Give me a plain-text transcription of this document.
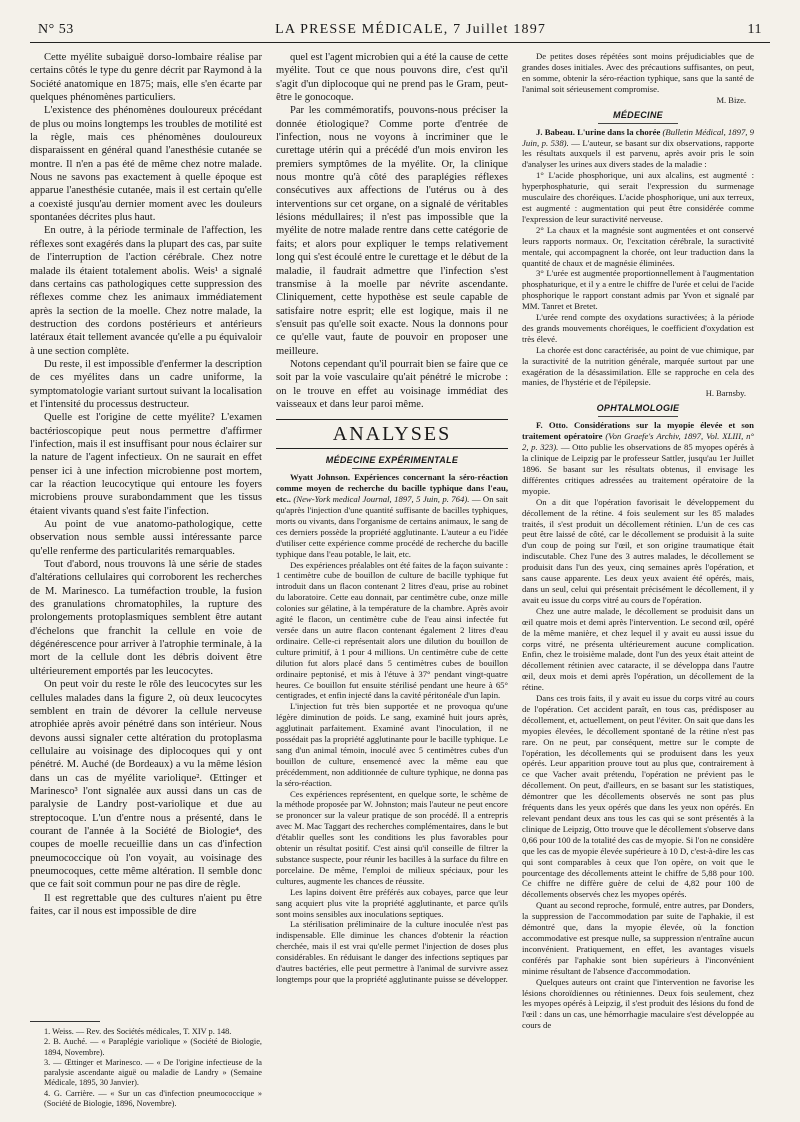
N° 53	LA PRESSE MÉDICALE, 7 Juillet 1897	11

Cette myélite subaiguë dorso-lombaire réalise par certains côtés le type du genre décrit par Raymond à la Société anatomique en 1875; mais, elle s'en écarte par quelques phénomènes particuliers.

L'existence des phénomènes douloureux précédant de plus ou moins longtemps les troubles de motilité est la règle, mais ces phénomènes douloureux disparaissent en général quand l'anesthésie cutanée se montre. Il n'en a pas été de même chez notre malade. Nous ne savons pas exactement à quelle époque est apparue l'anesthésie cutanée, mais il est certain qu'elle a coexisté jusqu'au dernier moment avec les douleurs spontanées décrites plus haut.

En outre, à la période terminale de l'affection, les réflexes sont exagérés dans la plupart des cas, par suite de l'interruption de l'action cérébrale. Chez notre malade ils étaient totalement abolis. Weis¹ a signalé dans certains cas pathologiques cette suppression des réflexes comme chez les animaux immédiatement après la section de la moelle. Chez notre malade, la destruction des cordons postérieurs et antérieurs latéraux était tellement avancée qu'elle a pu équivaloir à une section complète.

Du reste, il est impossible d'enfermer la description de ces myélites dans un cadre uniforme, la symptomatologie variant surtout suivant la localisation et l'intensité du processus destructeur.

Quelle est l'origine de cette myélite? L'examen bactérioscopique peut nous permettre d'affirmer l'infection, mais il est insuffisant pour nous éclairer sur la nature de l'agent infectieux. On ne saurait en effet penser ici à une infection microbienne post mortem, car la réaction leucocytique qui entoure les foyers microbiens prouve surabondamment que les tissus étaient vivants quand s'est faite l'infection.

Au point de vue anatomo-pathologique, cette observation nous semble aussi intéressante parce qu'elle renferme des particularités remarquables.

Tout d'abord, nous trouvons là une série de stades d'altérations cellulaires qui corroborent les recherches de M. Marinesco. La tuméfaction trouble, la fusion des granulations chromatophiles, la rupture des prolongements protoplasmiques semblent être autant d'échelons que franchit la cellule en voie de dégénérescence pour arriver à l'atrophie terminale, à la mort de la cellule dont les débris doivent être ultérieurement emportés par les leucocytes.

On peut voir du reste le rôle des leucocytes sur les cellules malades dans la figure 2, où deux leucocytes semblent en train de dévorer la cellule nerveuse atrophiée après avoir pénétré dans son intérieur. Nous devons aussi signaler cette altération du protoplasma cellulaire au voisinage des diplocoques qui y ont pénétré. M. Auché (de Bordeaux) a vu la même lésion dans un cas de myélite variolique². Œttinger et Marinesco³ l'ont signalée aux aussi dans un cas de paralysie de Landry post-variolique et due au streptocoque. L'un d'entre nous a présenté, dans le courant de l'année à la Société de Biologie⁴, des coupes de moelle recueillie dans un cas d'infection pneumococcique où l'on voyait, au voisinage des pneumocoques, cette même altération. Il semble donc que ce fait soit commun pour ne pas dire de règle.

Il est regrettable que des cultures n'aient pu être faites, car il nous est impossible de dire

1. Weiss. — Rev. des Sociétés médicales, T. XIV p. 148.

2. B. Auché. — « Paraplégie variolique » (Société de Biologie, 1894, Novembre).

3. — Œttinger et Marinesco. — « De l'origine infectieuse de la paralysie ascendante aiguë ou maladie de Landry » (Semaine Médicale, 1895, 30 Janvier).

4. G. Carrière. — « Sur un cas d'infection pneumococcique » (Société de Biologie, 1896, Novembre).

quel est l'agent microbien qui a été la cause de cette myélite. Tout ce que nous pouvons dire, c'est qu'il s'agit d'un diplocoque qui ne prend pas le Gram, peut-être le gonocoque.

Par les commémoratifs, pouvons-nous préciser la donnée étiologique? Comme porte d'entrée de l'infection, nous ne voyons à incriminer que le curettage utérin qui a précédé d'un mois environ les premiers symptômes de la myélite. Or, la clinique nous montre qu'à côté des paraplégies réflexes consécutives aux affections de l'utérus ou à des interventions sur cet organe, on a signalé de véritables lésions médullaires; il n'est pas impossible que la myélite de notre malade rentre dans cette catégorie de faits; et alors pour expliquer le temps relativement long qui s'est écoulé entre le curettage et le début de la maladie, il faudrait admettre que l'infection s'est transmise à la moelle par névrite ascendante. Cliniquement, cette hypothèse est seule capable de satisfaire notre esprit; elle est logique, mais il ne s'ensuit pas qu'elle soit exacte. Nous la donnons pour ce qu'elle vaut, faute de pouvoir en proposer une meilleure.

Notons cependant qu'il pourrait bien se faire que ce soit par la voie vasculaire qu'ait pénétré le microbe : on le trouve en effet au voisinage immédiat des vaisseaux et dans leur paroi même.

ANALYSES
MÉDECINE EXPÉRIMENTALE

Wyatt Johnson. Expériences concernant la séro-réaction comme moyen de recherche du bacille typhique dans l'eau, etc.. (New-York medical Journal, 1897, 5 Juin, p. 764). — On sait qu'après l'injection d'une quantité suffisante de bacilles typhiques, morts ou vivants, dans l'organisme de certains animaux, le sang de ces derniers possède la propriété agglutinante. L'auteur a eu l'idée d'utiliser cette expérience comme procédé de recherche du bacille typhique dans l'eau potable, le lait, etc.

Des expériences préalables ont été faites de la façon suivante : 1 centimètre cube de bouillon de culture de bacille typhique fut introduit dans un flacon contenant 2 litres d'eau, prise au robinet du laboratoire. Cette eau donnait, par centimètre cube, onze mille colonies sur gélatine, à la température de la chambre. Après avoir agité le flacon, un centimètre cube de l'eau ainsi infectée fut versée dans un autre flacon contenant également 2 litres d'eau ordinaire. Celle-ci représentait alors une dilution du bouillon de culture primitif, à 1 pour 4 millions. Un centimètre cube de cette dilution fut alors placé dans 5 centimètres cubes de bouillon ordinaire peptonisé, et mis à l'étuve à 37° pendant vingt-quatre heures. Ce bouillon fut ensuite stérilisé pendant une heure à 65° centigrades, et enfin injecté dans la cavité péritonéale d'un lapin.

L'injection fut très bien supportée et ne provoqua qu'une légère diminution de poids. Le sang, examiné huit jours après, agglutinait parfaitement. Examiné avant l'inoculation, il ne possédait pas la propriété agglutinante pour le bacille typhique. Le sang d'un animal témoin, inoculé avec 5 centimètres cubes d'un bouillon de culture, ensemencé avec la même eau que précédemment, non additionnée de culture typhique, ne donna pas la séro-réaction.

Ces expériences représentent, en quelque sorte, le schème de la méthode proposée par W. Johnston; mais l'auteur ne peut encore se prononcer sur la valeur pratique de son procédé. Il a entrepris avec M. Mac Taggart des recherches complémentaires, dans le but d'établir quelles sont les conditions les plus favorables pour obtenir un résultat positif. C'est ainsi qu'il conseille de filtrer la substance suspecte, pour réunir les bacilles à la surface du filtre en porcelaine. De même, l'emploi de milieux spéciaux, pour les cultures, augmente les chances de réussite.

Les lapins doivent être préférés aux cobayes, parce que leur sang acquiert plus vite la propriété agglutinante, et parce qu'ils sont moins sensibles aux inoculations septiques.

La stérilisation préliminaire de la culture inoculée n'est pas indispensable. Elle diminue les chances d'obtenir la réaction cherchée, mais il est vrai qu'elle permet l'injection de doses plus considérables. En réduisant le danger des infections septiques par d'autres bactéries, elle peut permettre à l'animal de survivre assez longtemps pour que la propriété agglutinante puisse se développer.

De petites doses répétées sont moins préjudiciables que de grandes doses initiales. Avec des précautions suffisantes, on peut, en somme, obtenir la séro-réaction typhique, sans que la santé de l'animal soit sérieusement compromise.

M. Bize.
MÉDECINE

J. Babeau. L'urine dans la chorée (Bulletin Médical, 1897, 9 Juin, p. 538). — L'auteur, se basant sur dix observations, rapporte les résultats auxquels il est parvenu, après avoir pris le soin d'analyser les urines aux divers stades de la maladie :

1° L'acide phosphorique, uni aux alcalins, est augmenté : hyperphosphaturie, qui serait l'expression du surmenage musculaire des choréiques. L'acide phosphorique, uni aux terreux, est augmenté : augmentation qui peut être considérée comme l'expression de leur suractivité nerveuse.

2° La chaux et la magnésie sont augmentées et ont conservé leurs rapports normaux. Or, l'excitation cérébrale, la suractivité mentale, qui accompagnent la chorée, ont leur traduction dans la quantité de chaux et de magnésie éliminées.

3° L'urée est augmentée proportionnellement à l'augmentation phosphaturique, et il y a entre le chiffre de l'urée et celui de l'acide phosphorique le rapport constant admis par Yvon et signalé par MM. Tanret et Bretet.

L'urée rend compte des oxydations suractivées; à la période des grands mouvements choréiques, le coefficient d'oxydation est très élevé.

La chorée est donc caractérisée, au point de vue chimique, par la suractivité de la nutrition générale, marquée surtout par une exagération de la désassimilation. Elle se rapproche en cela des manies, de l'hystérie et de l'épilepsie.

H. Barnsby.
OPHTALMOLOGIE

F. Otto. Considérations sur la myopie élevée et son traitement opératoire (Von Graefe's Archiv, 1897, Vol. XLIII, n° 2, p. 323). — Otto publie les observations de 85 myopes opérés à la clinique de Leipzig par le professeur Sattler, jusqu'au 1er Juillet 1896. Se basant sur les résultats obtenus, il envisage les différentes critiques adressées au traitement opératoire de la myopie.

On a dit que l'opération favorisait le développement du décollement de la rétine. 4 fois seulement sur les 85 malades traités, il s'est produit un décollement rétinien. L'un de ces cas peut être laissé de côté, car le décollement se produisit à la suite d'un coup de poing sur l'œil, et son origine traumatique était indiscutable. Chez l'une des 3 autres malades, le décollement se produisit dans l'un des yeux, cinq semaines après l'opération, et sans cause apparente. Les deux yeux avaient été opérés, mais, dans un seul, celui qui présentait précisément le décollement, il y avait eu issue du corps vitré au cours de l'opération.

Chez une autre malade, le décollement se produisit dans un œil quatre mois et demi après l'intervention. Le second œil, opéré de la même manière, et chez lequel il y avait eu aussi issue du corps vitré, ne présenta ultérieurement aucune complication. Enfin, chez le troisième malade, dont l'un des yeux était atteint de décollement rétinien avec cataracte, il se développa dans l'autre œil, deux mois et demi après l'opération, un décollement de la rétine.

Dans ces trois faits, il y avait eu issue du corps vitré au cours de l'opération. Cet accident paraît, en tous cas, prédisposer au décollement, et, actuellement, on peut l'éviter. On sait que dans les myopies élevées, le décollement spontané de la rétine n'est pas rare. On ne peut, par conséquent, mettre sur le compte de l'opération, les décollements qui se produisent dans les yeux opérés. Leur apparition prouve tout au plus que, contrairement à ce que Vacher avait prétendu, l'opération ne prévient pas le décollement. On peut, d'ailleurs, en se basant sur les statistiques, démontrer que les décollements observés ne sont pas plus fréquents dans les yeux opérés que dans les yeux non opérés. En relevant pendant deux ans tous les cas qui se sont présentés à la clinique de Leipzig, Otto trouve que le décollement s'observe dans 0,66 pour 100 de la totalité des cas de myopie. Si l'on ne considère que les cas de myopie élevée supérieure à 10 D, c'est-à-dire les cas qui sont comparables à ceux que l'on opère, on voit que le pourcentage des décollements atteint le chiffre de 5,88 pour 100. Ce chiffre ne diffère guère de celui de 4,82 pour 100 de décollements observés chez les myopes opérés.

Quant au second reproche, formulé, entre autres, par Donders, la suppression de l'accommodation par suite de l'aphakie, il est démontré que, dans la myopie élevée, où la fonction accommodative est presque nulle, sa suppression n'entraîne aucun inconvénient. Pratiquement, en effet, les avantages visuels conférés par l'aphakie sont bien supérieurs à l'inconvénient minime résultant de l'absence d'accommodation.

Quelques auteurs ont craint que l'intervention ne favorise les lésions choroïdiennes ou rétiniennes. Deux fois seulement, chez les myopes opérés à Leipzig, il s'est produit des lésions du fond de l'œil : dans un cas, une hémorrhagie maculaire s'est développée au cours de
